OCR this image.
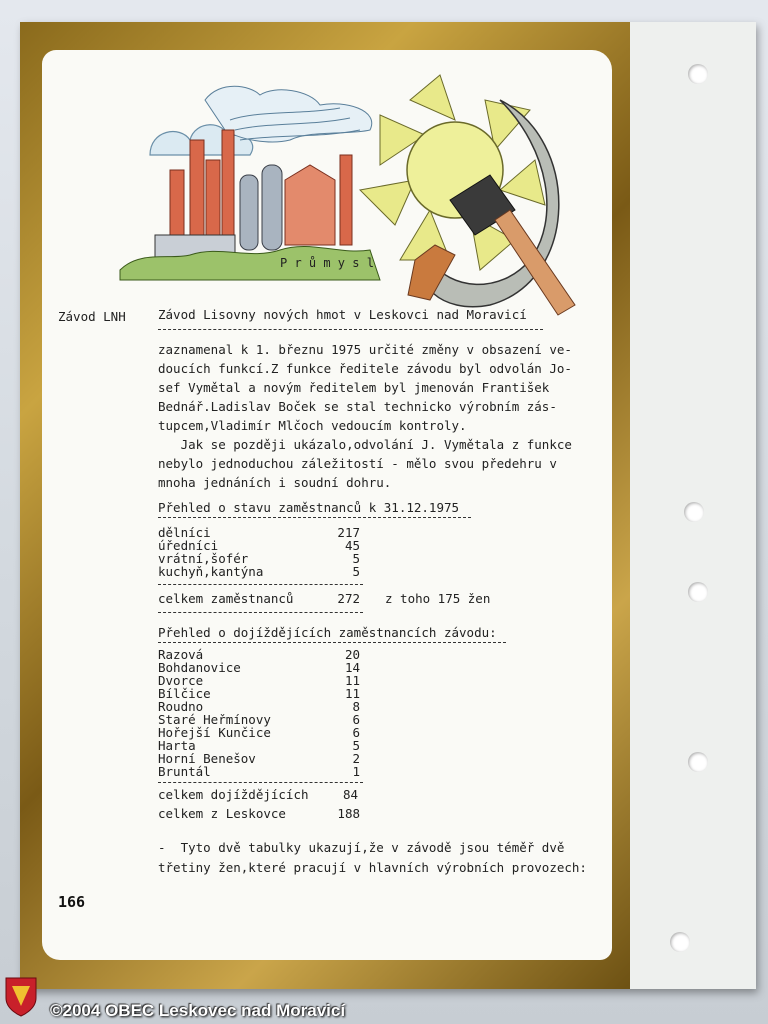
P r ů m y s l
Závod LNH	Závod Lisovny nových hmot v Leskovci nad Moravicí
zaznamenal k 1. březnu 1975 určité změny v obsazení ve-
doucích funkcí.Z funkce ředitele závodu byl odvolán Jo-
sef Vymětal a novým ředitelem byl jmenován František
Bednář.Ladislav Boček se stal technicko výrobním zás-
tupcem,Vladimír Mlčoch vedoucím kontroly.
Jak se později ukázalo,odvolání J. Vymětala z funkce
nebylo jednoduchou záležitostí - mělo svou předehru v
mnoha jednáních i soudní dohru.
Přehled o stavu zaměstnanců k 31.12.1975
dělníci	217
úředníci	45
vrátní,šofér	5
kuchyň,kantýna	5
celkem zaměstnanců	272 z toho 175 žen
Přehled o dojíždějících zaměstnancích závodu:
Razová	20
Bohdanovice	14
Dvorce	11
Bílčice	11
Roudno	8
Staré Heřmínovy	6
Hořejší Kunčice	6
Harta	5
Horní Benešov	2
Bruntál	1
celkem dojíždějících	84
celkem z Leskovce	188
-  Tyto dvě tabulky ukazují,že v závodě jsou téměř dvě
třetiny žen,které pracují v hlavních výrobních provozech:
166
©2004 OBEC Leskovec nad Moravicí
